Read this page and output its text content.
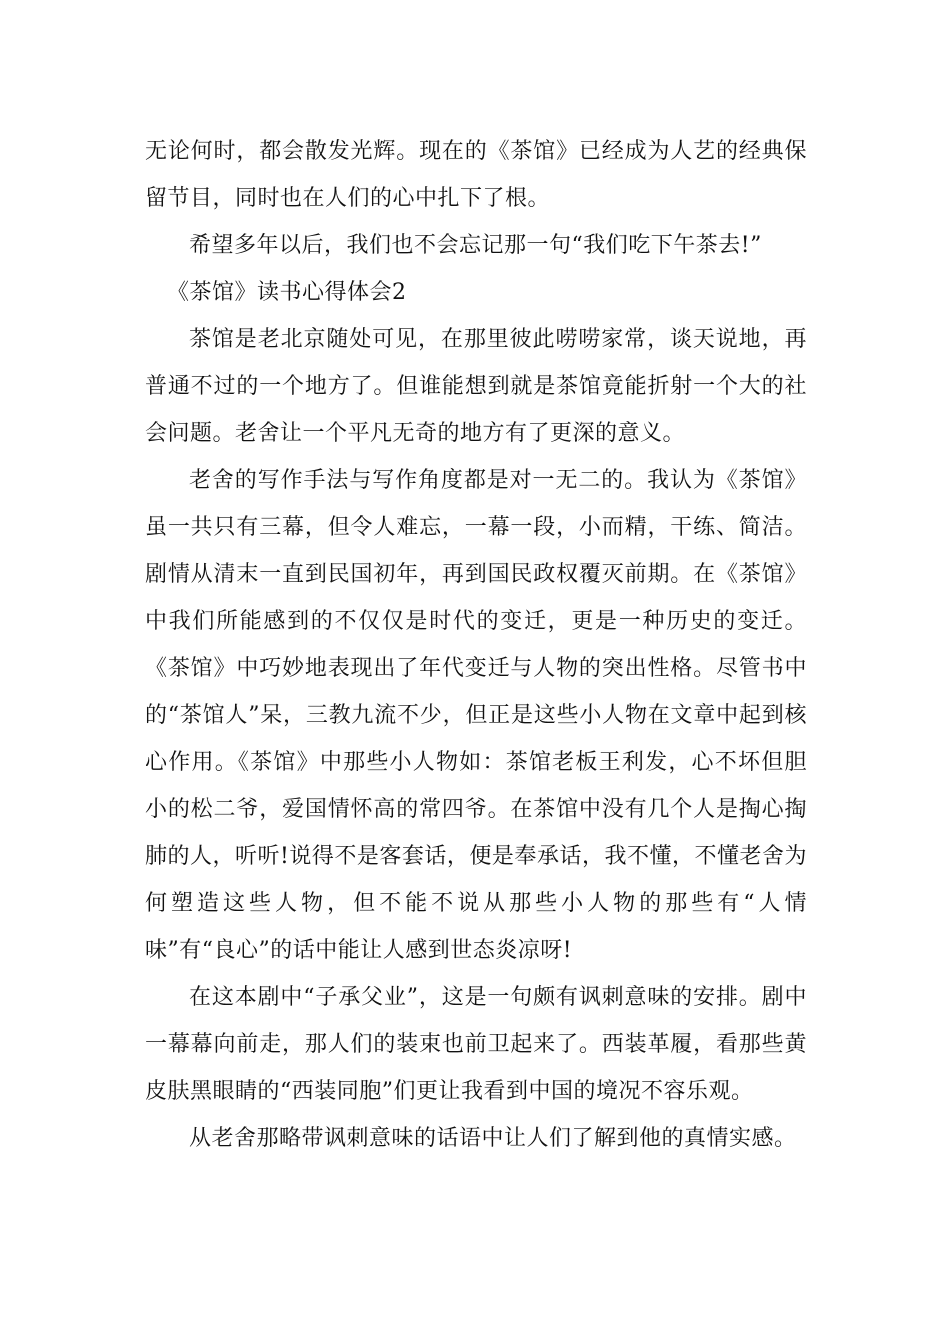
无论何时，都会散发光辉。现在的《茶馆》已经成为人艺的经典保留节目，同时也在人们的心中扎下了根。

希望多年以后，我们也不会忘记那一句“我们吃下午茶去!”

《茶馆》读书心得体会2

茶馆是老北京随处可见，在那里彼此唠唠家常，谈天说地，再普通不过的一个地方了。但谁能想到就是茶馆竟能折射一个大的社会问题。老舍让一个平凡无奇的地方有了更深的意义。

老舍的写作手法与写作角度都是对一无二的。我认为《茶馆》虽一共只有三幕，但令人难忘，一幕一段，小而精，干练、简洁。剧情从清末一直到民国初年，再到国民政权覆灭前期。在《茶馆》中我们所能感到的不仅仅是时代的变迁，更是一种历史的变迁。《茶馆》中巧妙地表现出了年代变迁与人物的突出性格。尽管书中的“茶馆人”呆，三教九流不少，但正是这些小人物在文章中起到核心作用。《茶馆》中那些小人物如：茶馆老板王利发，心不坏但胆小的松二爷，爱国情怀高的常四爷。在茶馆中没有几个人是掏心掏肺的人，听听!说得不是客套话，便是奉承话，我不懂，不懂老舍为何塑造这些人物，但不能不说从那些小人物的那些有“人情味”有“良心”的话中能让人感到世态炎凉呀!

在这本剧中“子承父业”，这是一句颇有讽刺意味的安排。剧中一幕幕向前走，那人们的装束也前卫起来了。西装革履，看那些黄皮肤黑眼睛的“西装同胞”们更让我看到中国的境况不容乐观。

从老舍那略带讽刺意味的话语中让人们了解到他的真情实感。
